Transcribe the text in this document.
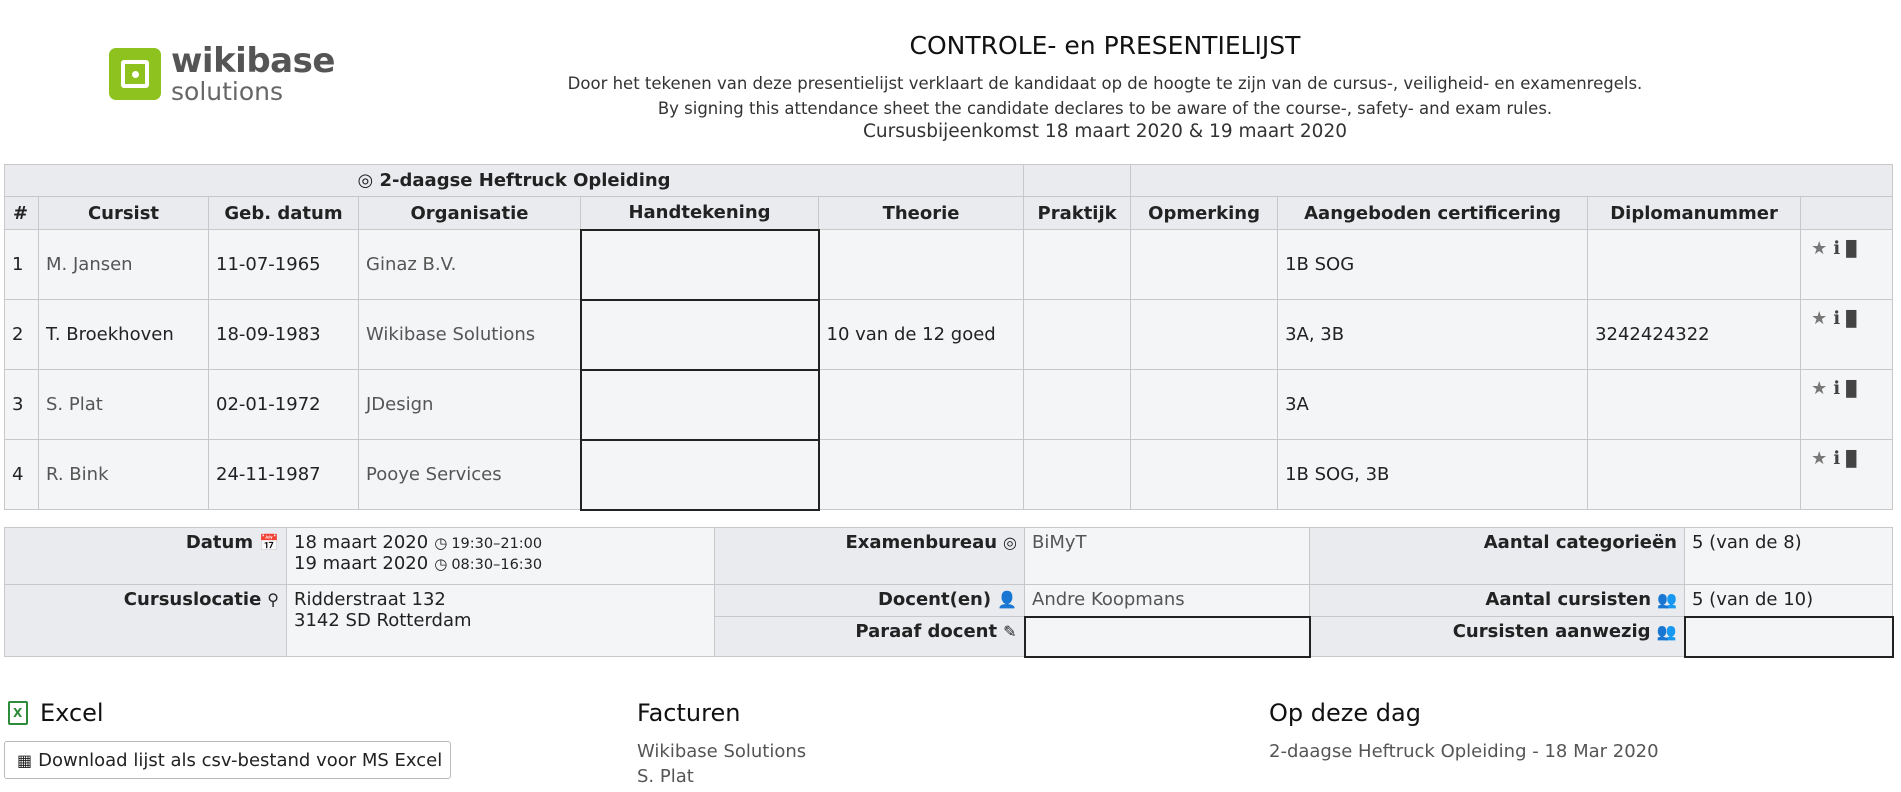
wikibase
solutions
CONTROLE- en PRESENTIELIJST
Door het tekenen van deze presentielijst verklaart de kandidaat op de hoogte te zijn van de cursus-, veiligheid- en examenregels.
By signing this attendance sheet the candidate declares to be aware of the course-, safety- and exam rules.
Cursusbijeenkomst 18 maart 2020 & 19 maart 2020
◎ 2-daagse Heftruck Opleiding										
#	Cursist	Geb. datum	Organisatie	Handtekening	Theorie	Praktijk	Opmerking	Aangeboden certificering	Diplomanummer	
1	M. Jansen	11-07-1965	Ginaz B.V.					1B SOG		★ ℹ ▉
2	T. Broekhoven	18-09-1983	Wikibase Solutions		10 van de 12 goed			3A, 3B	3242424322	★ ℹ ▉
3	S. Plat	02-01-1972	JDesign					3A		★ ℹ ▉
4	R. Bink	24-11-1987	Pooye Services					1B SOG, 3B		★ ℹ ▉
Datum 📅	18 maart 2020 ◷ 19:30–21:00
19 maart 2020 ◷ 08:30–16:30	Examenbureau ◎	BiMyT	Aantal categorieën	5 (van de 8)
Cursuslocatie ⚲	Ridderstraat 132
3142 SD Rotterdam	Docent(en) 👤	Andre Koopmans	Aantal cursisten 👥	5 (van de 10)
		Paraaf docent ✎		Cursisten aanwezig 👥	
X Excel
▦ Download lijst als csv-bestand voor MS Excel
Facturen
Wikibase Solutions
S. Plat
Op deze dag
2-daagse Heftruck Opleiding - 18 Mar 2020
